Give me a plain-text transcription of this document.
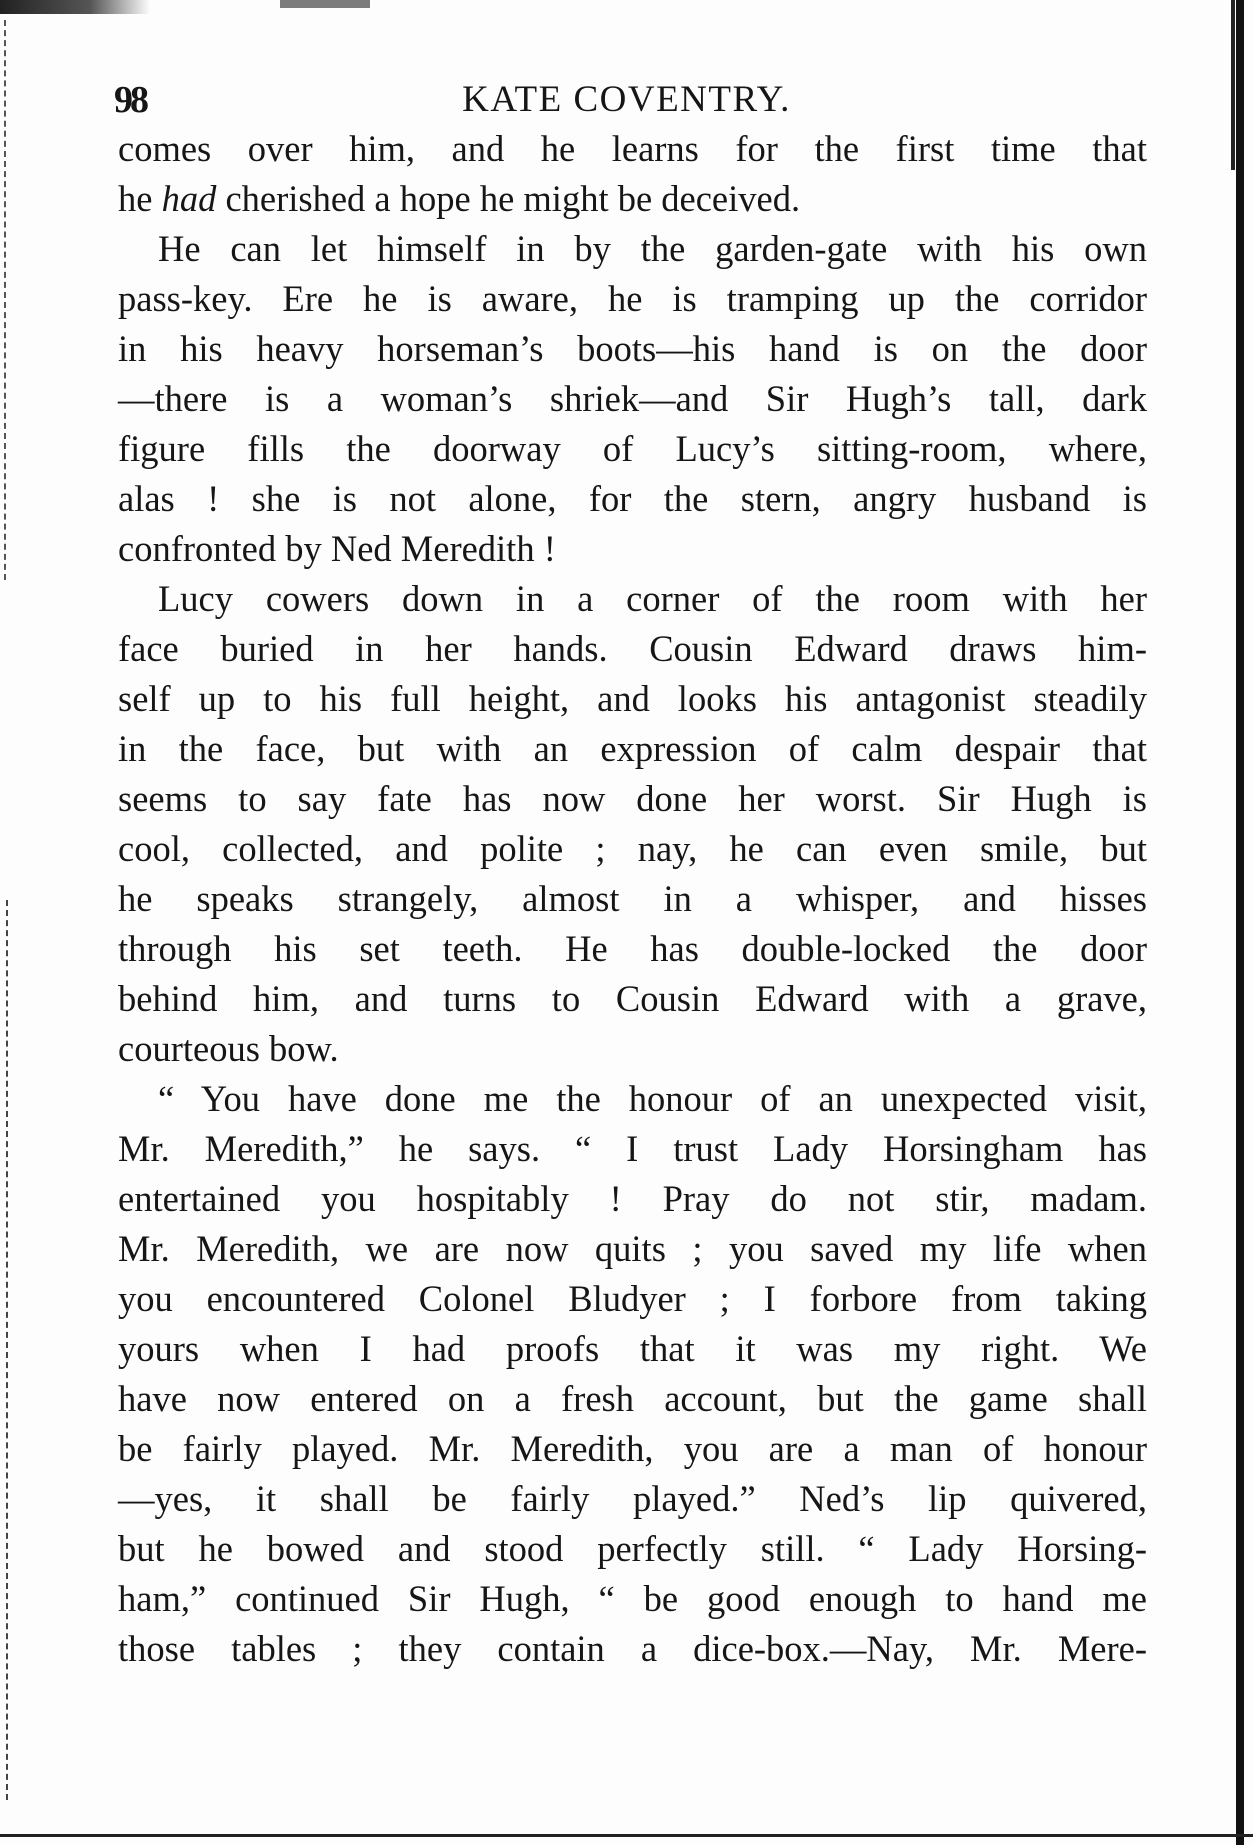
98	KATE COVENTRY.
he had cherished a hope he might be deceived.
comes over him, and he learns for the first time that
He can let himself in by the garden-gate with his own
pass-key. Ere he is aware, he is tramping up the corridor
in his heavy horseman’s boots—his hand is on the door
—there is a woman’s shriek—and Sir Hugh’s tall, dark
figure fills the doorway of Lucy’s sitting-room, where,
alas ! she is not alone, for the stern, angry husband is
confronted by Ned Meredith !
Lucy cowers down in a corner of the room with her
face buried in her hands. Cousin Edward draws him-
self up to his full height, and looks his antagonist steadily
in the face, but with an expression of calm despair that
seems to say fate has now done her worst. Sir Hugh is
cool, collected, and polite ; nay, he can even smile, but
he speaks strangely, almost in a whisper, and hisses
through his set teeth. He has double-locked the door
behind him, and turns to Cousin Edward with a grave,
courteous bow.
“ You have done me the honour of an unexpected visit,
Mr. Meredith,” he says. “ I trust Lady Horsingham has
entertained you hospitably ! Pray do not stir, madam.
Mr. Meredith, we are now quits ; you saved my life when
you encountered Colonel Bludyer ; I forbore from taking
yours when I had proofs that it was my right. We
have now entered on a fresh account, but the game shall
be fairly played. Mr. Meredith, you are a man of honour
—yes, it shall be fairly played.” Ned’s lip quivered,
but he bowed and stood perfectly still. “ Lady Horsing-
ham,” continued Sir Hugh, “ be good enough to hand me
those tables ; they contain a dice-box.—Nay, Mr. Mere-
